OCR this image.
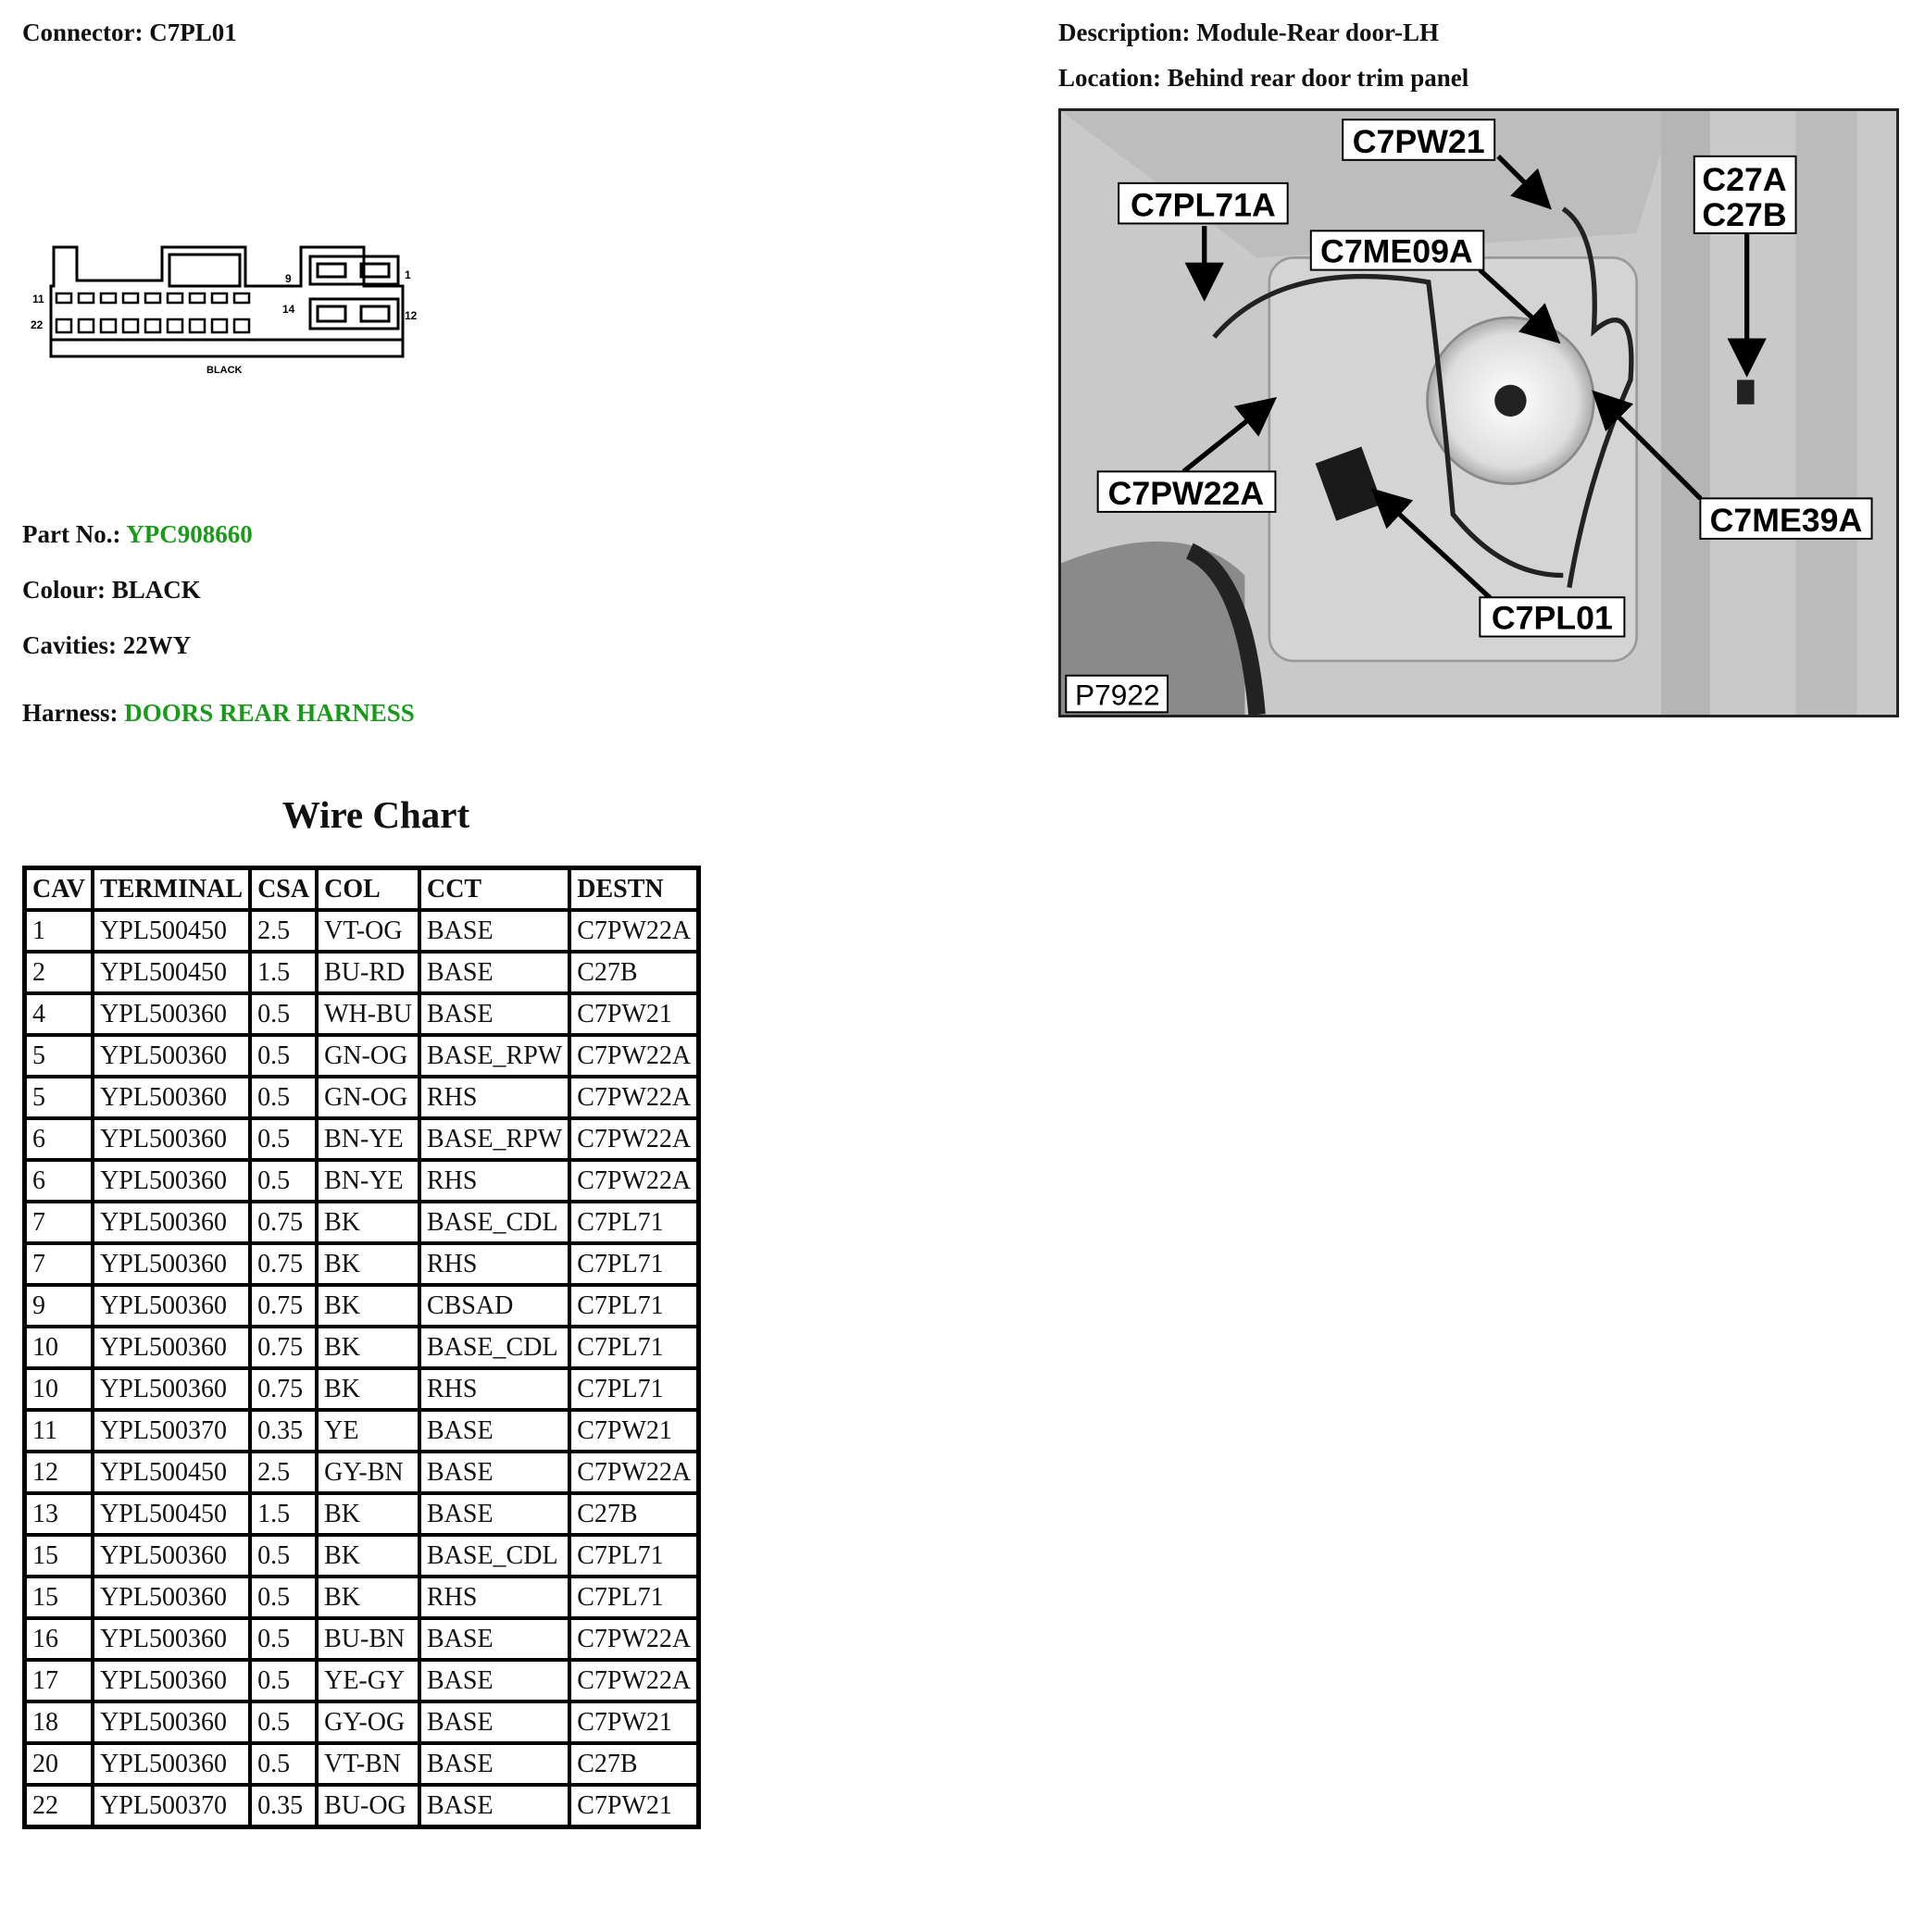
Connector: C7PL01	Description: Module-Rear door-LH
Location: Behind rear door trim panel
11
22
9
14
1
12
BLACK
Part No.: YPC908660
Colour: BLACK
Cavities: 22WY
Harness: DOORS REAR HARNESS
C7PW21
C7PL71A
C7ME09A
C27A
C27B
C7PW22A
C7ME39A
C7PL01
P7922
Wire Chart
CAV	TERMINAL	CSA	COL	CCT	DESTN
1	YPL500450	2.5	VT-OG	BASE	C7PW22A
2	YPL500450	1.5	BU-RD	BASE	C27B
4	YPL500360	0.5	WH-BU	BASE	C7PW21
5	YPL500360	0.5	GN-OG	BASE_RPW	C7PW22A
5	YPL500360	0.5	GN-OG	RHS	C7PW22A
6	YPL500360	0.5	BN-YE	BASE_RPW	C7PW22A
6	YPL500360	0.5	BN-YE	RHS	C7PW22A
7	YPL500360	0.75	BK	BASE_CDL	C7PL71
7	YPL500360	0.75	BK	RHS	C7PL71
9	YPL500360	0.75	BK	CBSAD	C7PL71
10	YPL500360	0.75	BK	BASE_CDL	C7PL71
10	YPL500360	0.75	BK	RHS	C7PL71
11	YPL500370	0.35	YE	BASE	C7PW21
12	YPL500450	2.5	GY-BN	BASE	C7PW22A
13	YPL500450	1.5	BK	BASE	C27B
15	YPL500360	0.5	BK	BASE_CDL	C7PL71
15	YPL500360	0.5	BK	RHS	C7PL71
16	YPL500360	0.5	BU-BN	BASE	C7PW22A
17	YPL500360	0.5	YE-GY	BASE	C7PW22A
18	YPL500360	0.5	GY-OG	BASE	C7PW21
20	YPL500360	0.5	VT-BN	BASE	C27B
22	YPL500370	0.35	BU-OG	BASE	C7PW21
